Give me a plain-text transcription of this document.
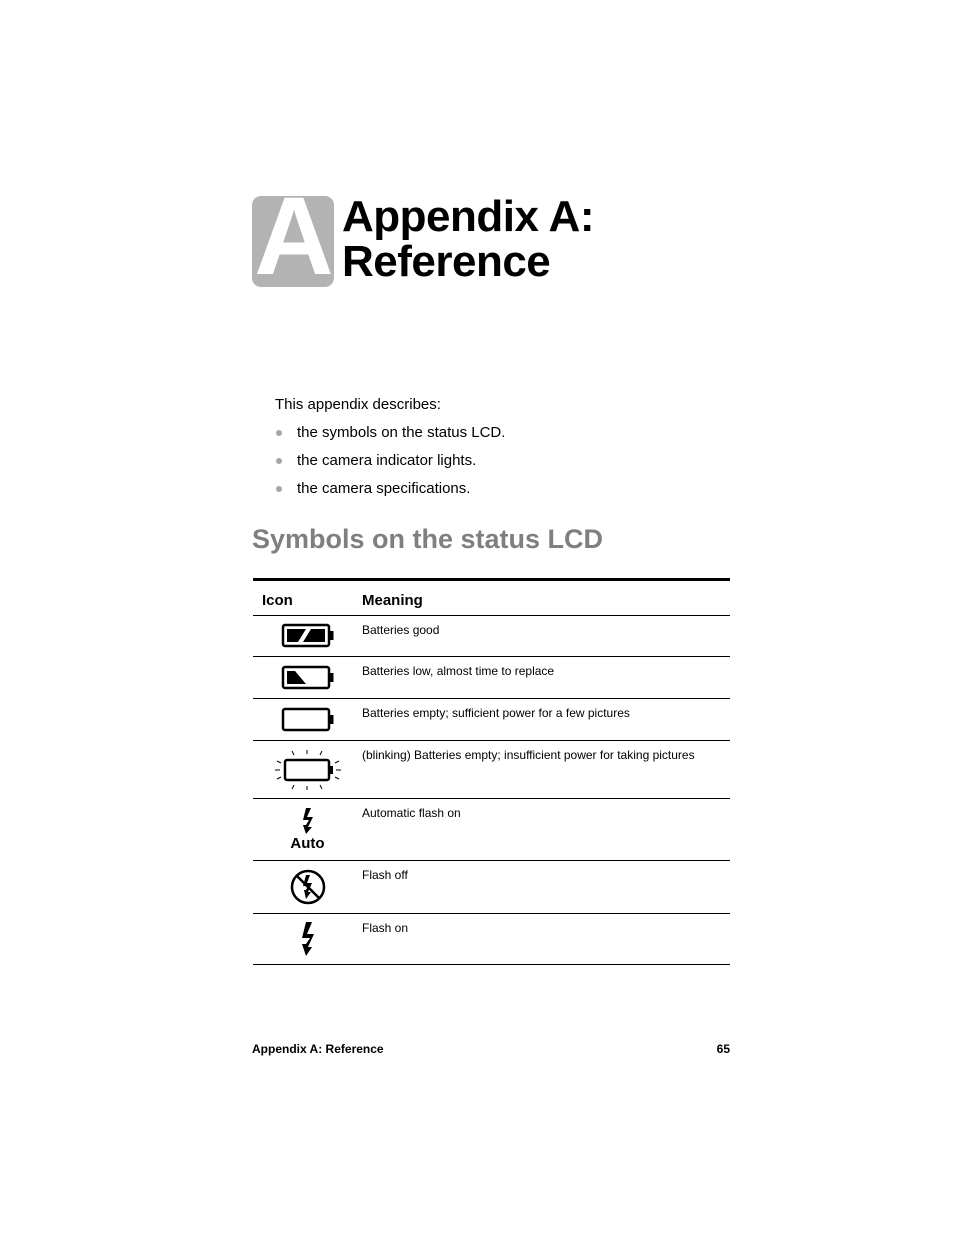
A Appendix A:
Reference
This appendix describes:
the symbols on the status LCD.
the camera indicator lights.
the camera specifications.
Symbols on the status LCD
Icon	Meaning

	Batteries good

	Batteries low, almost time to replace

	Batteries empty; sufficient power for a few pictures

	(blinking) Batteries empty; insufficient power for taking pictures

Auto	Automatic flash on

	Flash off

	Flash on
Appendix A: Reference	65
